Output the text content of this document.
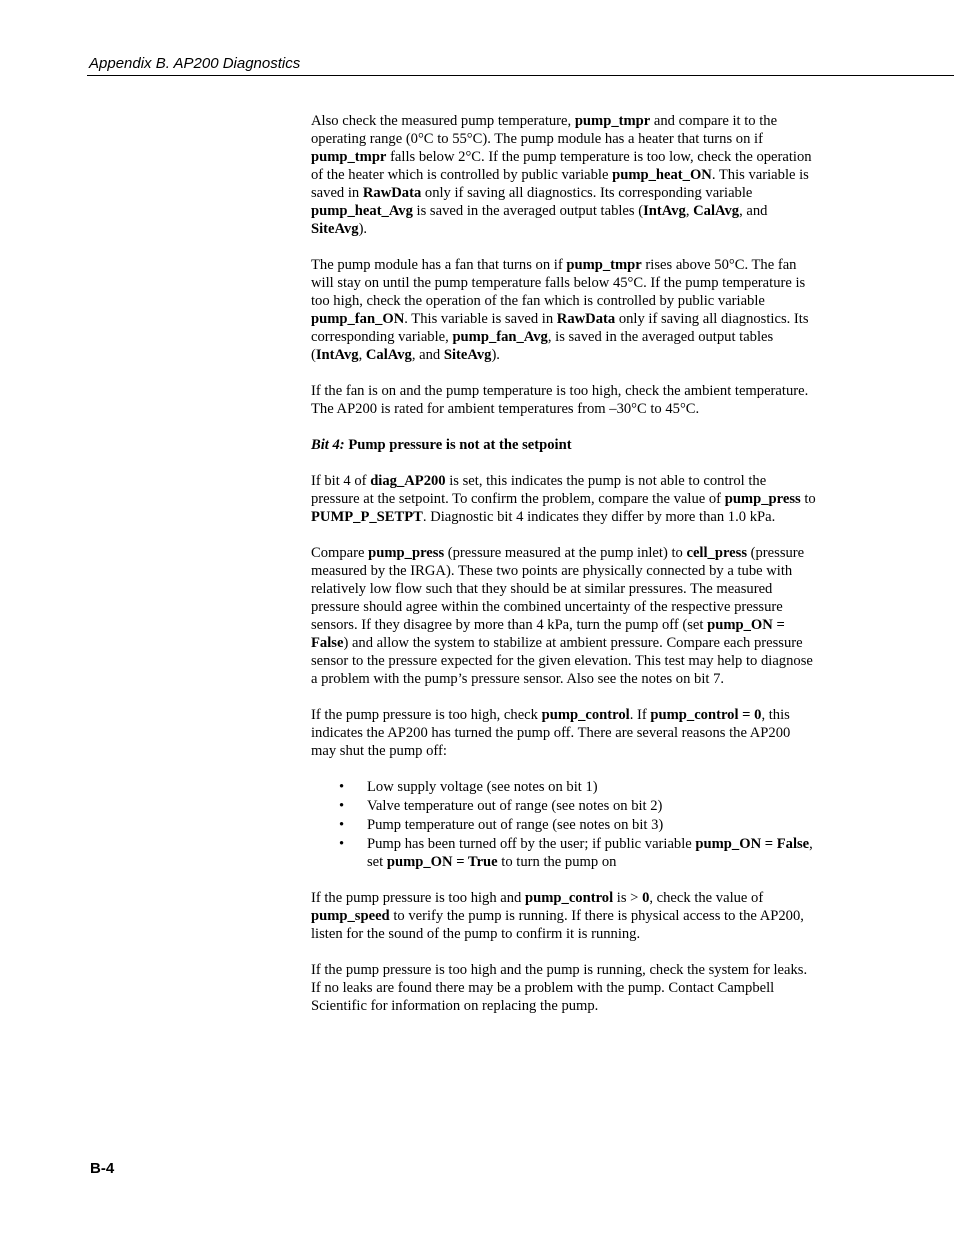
Appendix B. AP200 Diagnostics

Also check the measured pump temperature, pump_tmpr and compare it to the operating range (0°C to 55°C). The pump module has a heater that turns on if pump_tmpr falls below 2°C. If the pump temperature is too low, check the operation of the heater which is controlled by public variable pump_heat_ON. This variable is saved in RawData only if saving all diagnostics. Its corresponding variable pump_heat_Avg is saved in the averaged output tables (IntAvg, CalAvg, and SiteAvg).

The pump module has a fan that turns on if pump_tmpr rises above 50°C. The fan will stay on until the pump temperature falls below 45°C. If the pump temperature is too high, check the operation of the fan which is controlled by public variable pump_fan_ON. This variable is saved in RawData only if saving all diagnostics. Its corresponding variable, pump_fan_Avg, is saved in the averaged output tables (IntAvg, CalAvg, and SiteAvg).

If the fan is on and the pump temperature is too high, check the ambient temperature. The AP200 is rated for ambient temperatures from –30°C to 45°C.

Bit 4: Pump pressure is not at the setpoint

If bit 4 of diag_AP200 is set, this indicates the pump is not able to control the pressure at the setpoint. To confirm the problem, compare the value of pump_press to PUMP_P_SETPT. Diagnostic bit 4 indicates they differ by more than 1.0 kPa.

Compare pump_press (pressure measured at the pump inlet) to cell_press (pressure measured by the IRGA). These two points are physically connected by a tube with relatively low flow such that they should be at similar pressures. The measured pressure should agree within the combined uncertainty of the respective pressure sensors. If they disagree by more than 4 kPa, turn the pump off (set pump_ON = False) and allow the system to stabilize at ambient pressure. Compare each pressure sensor to the pressure expected for the given elevation. This test may help to diagnose a problem with the pump’s pressure sensor. Also see the notes on bit 7.

If the pump pressure is too high, check pump_control. If pump_control = 0, this indicates the AP200 has turned the pump off. There are several reasons the AP200 may shut the pump off:

• Low supply voltage (see notes on bit 1)
• Valve temperature out of range (see notes on bit 2)
• Pump temperature out of range (see notes on bit 3)
• Pump has been turned off by the user; if public variable pump_ON = False, set pump_ON = True to turn the pump on

If the pump pressure is too high and pump_control is > 0, check the value of pump_speed to verify the pump is running. If there is physical access to the AP200, listen for the sound of the pump to confirm it is running.

If the pump pressure is too high and the pump is running, check the system for leaks. If no leaks are found there may be a problem with the pump. Contact Campbell Scientific for information on replacing the pump.

B-4
